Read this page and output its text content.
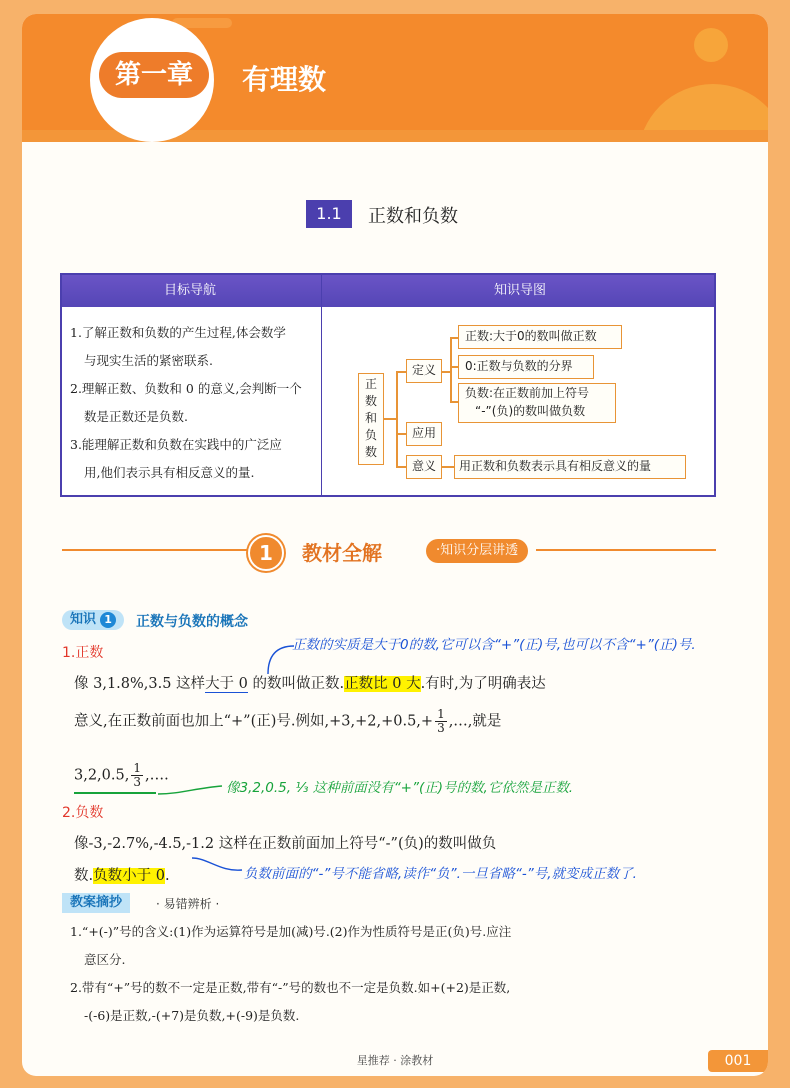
第一章	有理数
1.1	正数和负数
目标导航	知识导图
1.了解正数和负数的产生过程,体会数学
与现实生活的紧密联系.
2.理解正数、负数和 0 的意义,会判断一个
数是正数还是负数.
3.能理解正数和负数在实践中的广泛应
用,他们表示具有相反意义的量.
正
数
和
负
数
定义
应用
意义
正数:大于0的数叫做正数
0:正数与负数的分界
负数:在正数前加上符号
“-”(负)的数叫做负数
用正数和负数表示具有相反意义的量
1	教材全解	·知识分层讲透
知识 1	正数与负数的概念
1.正数	正数的实质是大于0的数,它可以含“+”(正)号,也可以不含“+”(正)号.
像 3,1.8%,3.5 这样大于 0 的数叫做正数.正数比 0 大.有时,为了明确表达
意义,在正数前面也加上“+”(正)号.例如$,+3,+2,+0.5,+ \frac{1}{3}$ ,…,就是
3,2,0.5, $\frac{1}{3}$ ,….
像3,2,0.5, ⅓ 这种前面没有“+”(正)号的数,它依然是正数.
2.负数
像-3,-2.7%,-4.5,-1.2 这样在正数前面加上符号“-”(负)的数叫做负
数.负数小于 0.	负数前面的“-”号不能省略,读作“负”.一旦省略“-”号,就变成正数了.
教案摘抄	· 易错辨析 ·
1.“+(-)”号的含义:(1)作为运算符号是加(减)号.(2)作为性质符号是正(负)号.应注
意区分.
2.带有“+”号的数不一定是正数,带有“-”号的数也不一定是负数.如+(+2)是正数,
-(-6)是正数,-(+7)是负数,+(-9)是负数.
星推荐 · 涂教材	001
